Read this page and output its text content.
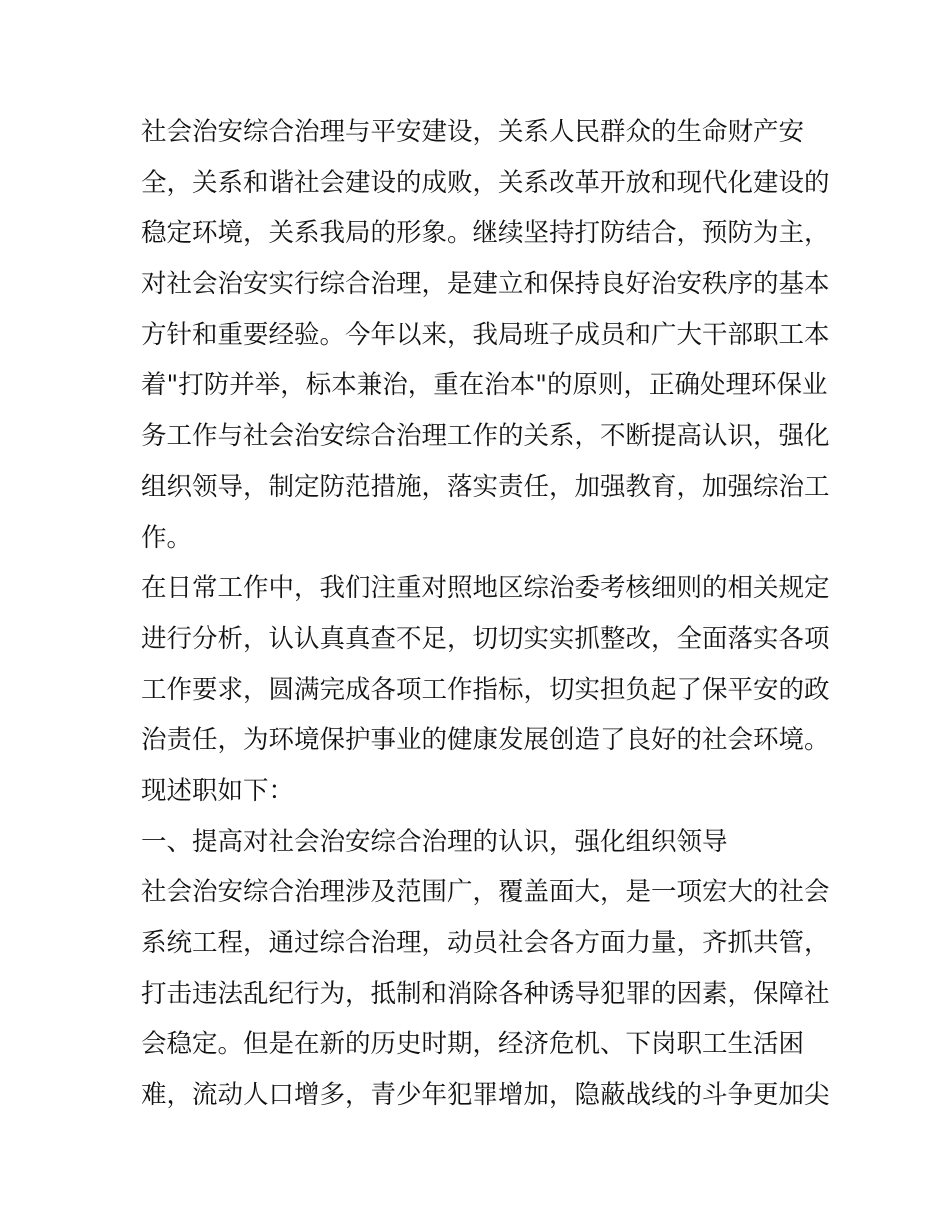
社会治安综合治理与平安建设，关系人民群众的生命财产安
全，关系和谐社会建设的成败，关系改革开放和现代化建设的
稳定环境，关系我局的形象。继续坚持打防结合，预防为主，
对社会治安实行综合治理，是建立和保持良好治安秩序的基本
方针和重要经验。今年以来，我局班子成员和广大干部职工本
着"打防并举，标本兼治，重在治本"的原则，正确处理环保业
务工作与社会治安综合治理工作的关系，不断提高认识，强化
组织领导，制定防范措施，落实责任，加强教育，加强综治工
作。
在日常工作中，我们注重对照地区综治委考核细则的相关规定
进行分析，认认真真查不足，切切实实抓整改，全面落实各项
工作要求，圆满完成各项工作指标，切实担负起了保平安的政
治责任，为环境保护事业的健康发展创造了良好的社会环境。
现述职如下：
一、提高对社会治安综合治理的认识，强化组织领导
社会治安综合治理涉及范围广，覆盖面大，是一项宏大的社会
系统工程，通过综合治理，动员社会各方面力量，齐抓共管，
打击违法乱纪行为，抵制和消除各种诱导犯罪的因素，保障社
会稳定。但是在新的历史时期，经济危机、下岗职工生活困
难，流动人口增多，青少年犯罪增加，隐蔽战线的斗争更加尖
